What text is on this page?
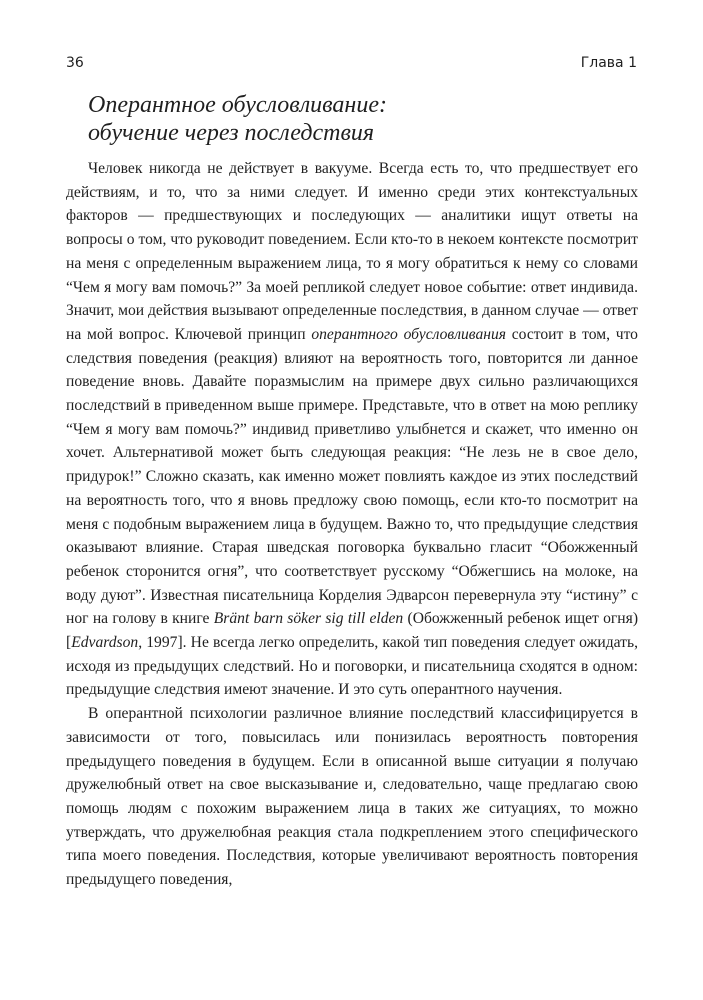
36	Глава 1
Оперантное обусловливание:
обучение через последствия

Человек никогда не действует в вакууме. Всегда есть то, что предшествует его действиям, и то, что за ними следует. И именно среди этих контекстуальных факторов — предшествующих и последующих — аналитики ищут ответы на вопросы о том, что руководит поведением. Если кто-то в некоем контексте посмотрит на меня с определенным выражением лица, то я могу обратиться к нему со словами “Чем я могу вам помочь?” За моей репликой следует новое событие: ответ индивида. Значит, мои действия вызывают определенные последствия, в данном случае — ответ на мой вопрос. Ключевой принцип оперантного обусловливания состоит в том, что следствия поведения (реакция) влияют на вероятность того, повторится ли данное поведение вновь. Давайте поразмыслим на примере двух сильно различающихся последствий в приведенном выше примере. Представьте, что в ответ на мою реплику “Чем я могу вам помочь?” индивид приветливо улыбнется и скажет, что именно он хочет. Альтернативой может быть следующая реакция: “Не лезь не в свое дело, придурок!” Сложно сказать, как именно может повлиять каждое из этих последствий на вероятность того, что я вновь предложу свою помощь, если кто-то посмотрит на меня с подобным выражением лица в будущем. Важно то, что предыдущие следствия оказывают влияние. Старая шведская поговорка буквально гласит “Обожженный ребенок сторонится огня”, что соответствует русскому “Обжегшись на молоке, на воду дуют”. Известная писательница Корделия Эдварсон перевернула эту “истину” с ног на голову в книге Bränt barn söker sig till elden (Обожженный ребенок ищет огня) [Edvardson, 1997]. Не всегда легко определить, какой тип поведения следует ожидать, исходя из предыдущих следствий. Но и поговорки, и писательница сходятся в одном: предыдущие следствия имеют значение. И это суть оперантного научения.

В оперантной психологии различное влияние последствий классифицируется в зависимости от того, повысилась или понизилась вероятность повторения предыдущего поведения в будущем. Если в описанной выше ситуации я получаю дружелюбный ответ на свое высказывание и, следовательно, чаще предлагаю свою помощь людям с похожим выражением лица в таких же ситуациях, то можно утверждать, что дружелюбная реакция стала подкреплением этого специфического типа моего поведения. Последствия, которые увеличивают вероятность повторения предыдущего поведения,
